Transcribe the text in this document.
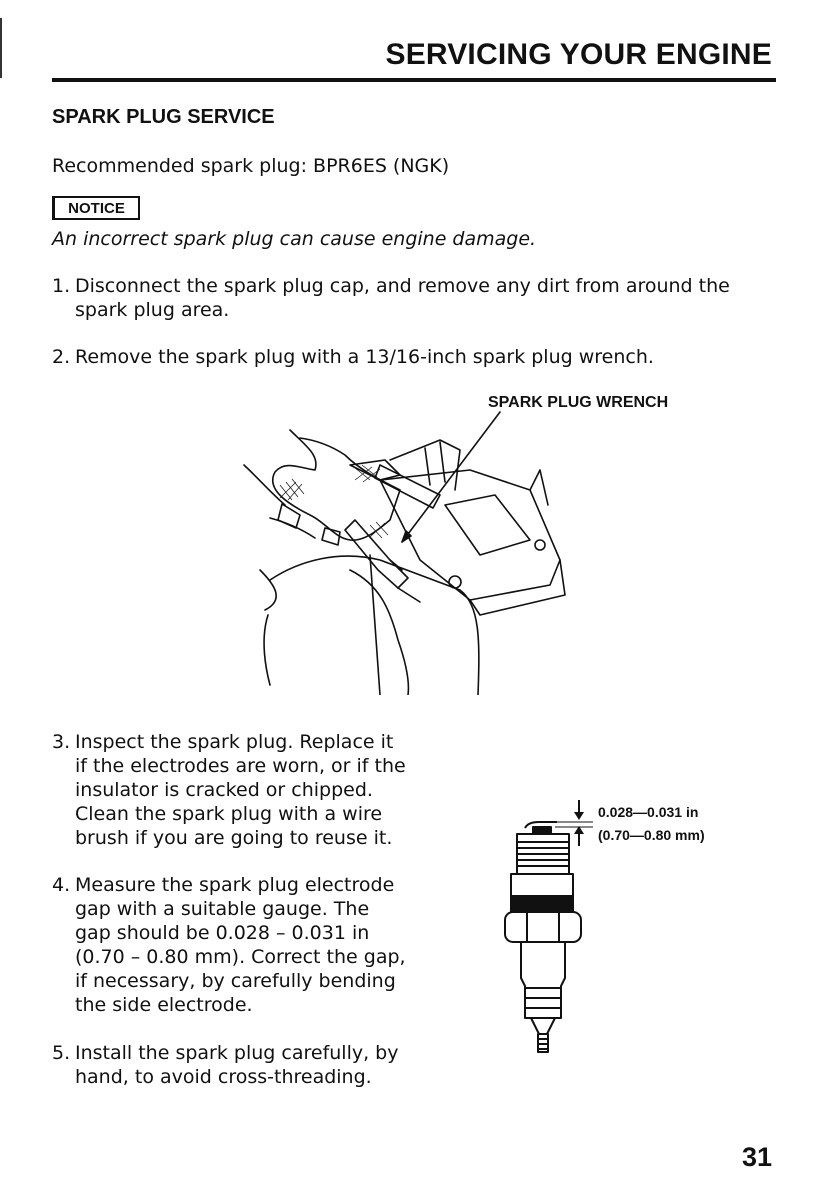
SERVICING YOUR ENGINE
SPARK PLUG SERVICE
Recommended spark plug: BPR6ES (NGK)
NOTICE
An incorrect spark plug can cause engine damage.
1. Disconnect the spark plug cap, and remove any dirt from around the
spark plug area.
2. Remove the spark plug with a 13/16-inch spark plug wrench.
SPARK PLUG WRENCH
3. Inspect the spark plug. Replace it
if the electrodes are worn, or if the
insulator is cracked or chipped.
Clean the spark plug with a wire
brush if you are going to reuse it.
4. Measure the spark plug electrode
gap with a suitable gauge. The
gap should be 0.028 – 0.031 in
(0.70 – 0.80 mm). Correct the gap,
if necessary, by carefully bending
the side electrode.
5. Install the spark plug carefully, by
hand, to avoid cross-threading.
0.028—0.031 in
(0.70—0.80 mm)
31
